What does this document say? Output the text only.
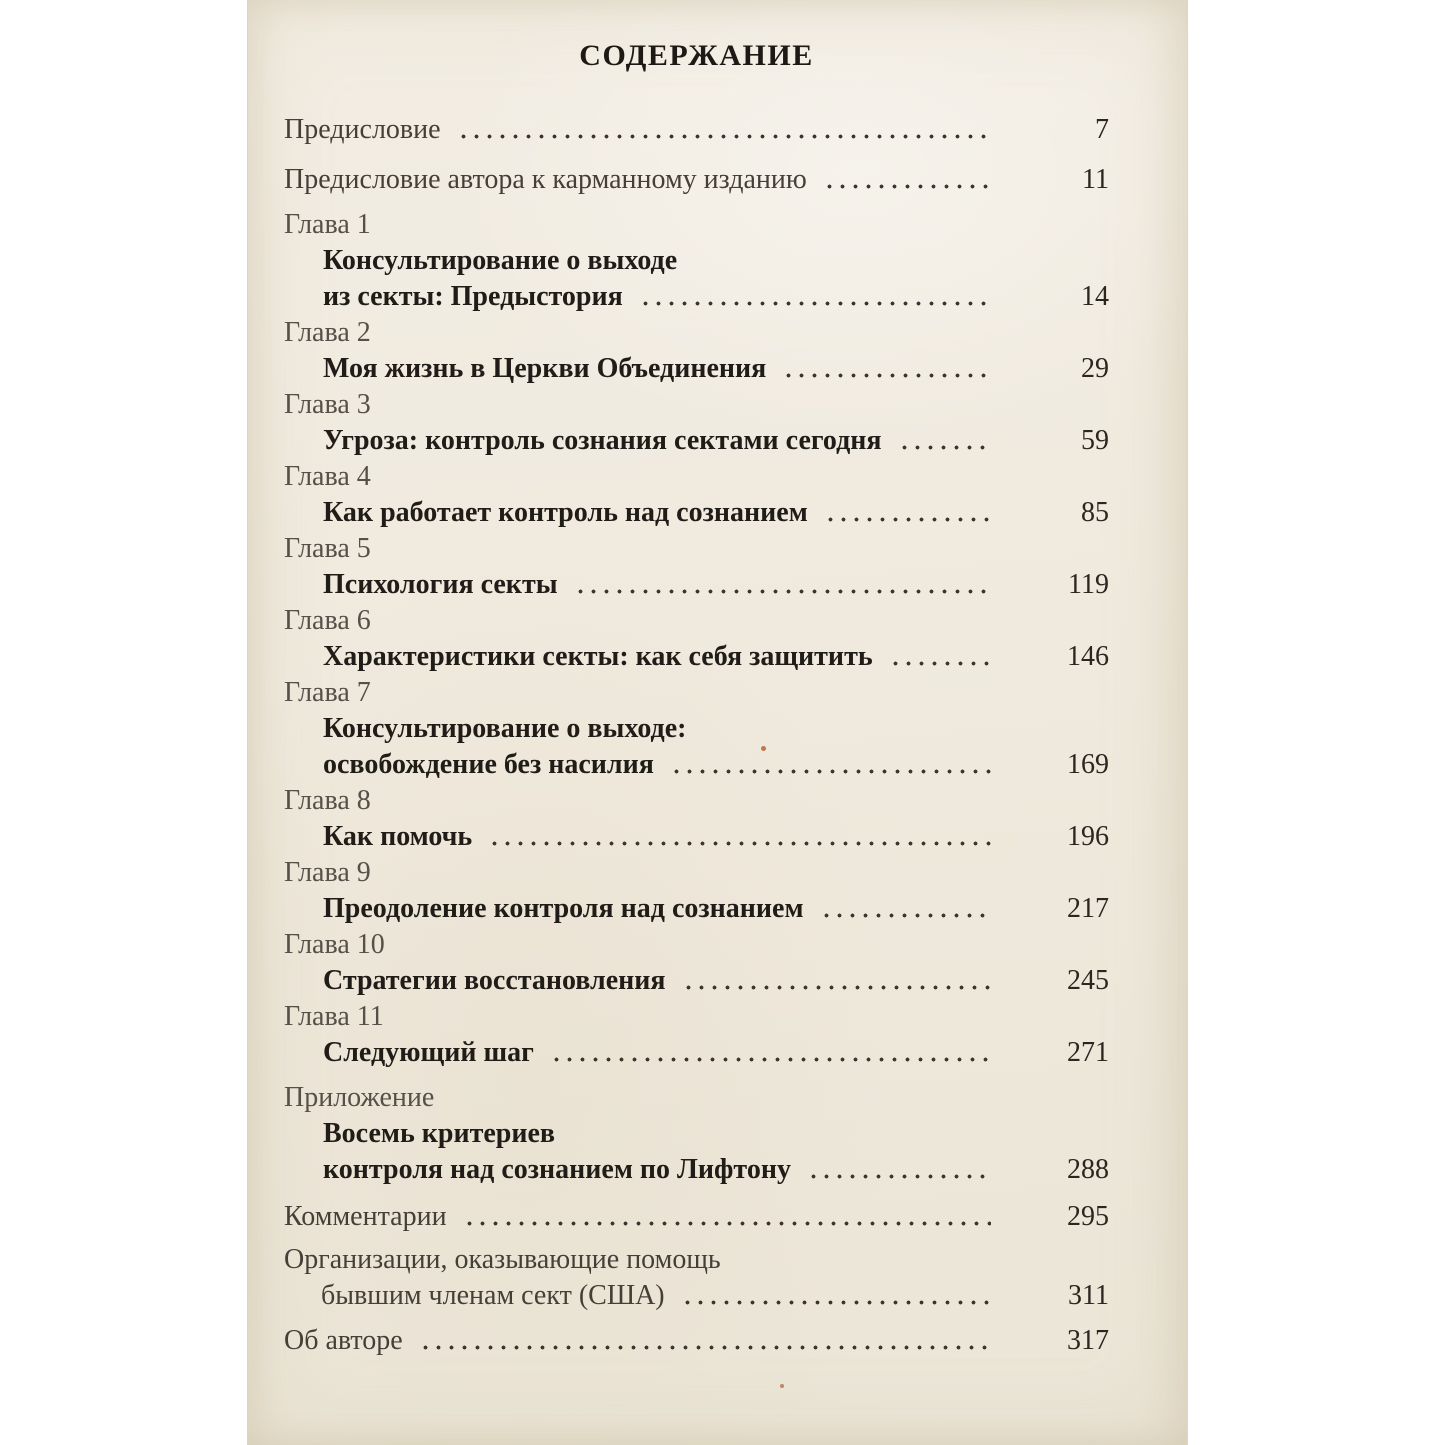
СОДЕРЖАНИЕ
Предисловие	7
Предисловие автора к карманному изданию	11
Глава 1
Консультирование о выходе
из секты: Предыстория	14
Глава 2
Моя жизнь в Церкви Объединения	29
Глава 3
Угроза: контроль сознания сектами сегодня	59
Глава 4
Как работает контроль над сознанием	85
Глава 5
Психология секты	119
Глава 6
Характеристики секты: как себя защитить	146
Глава 7
Консультирование о выходе:
освобождение без насилия	169
Глава 8
Как помочь	196
Глава 9
Преодоление контроля над сознанием	217
Глава 10
Стратегии восстановления	245
Глава 11
Следующий шаг	271
Приложение
Восемь критериев
контроля над сознанием по Лифтону	288
Комментарии	295
Организации, оказывающие помощь
бывшим членам сект (США)	311
Об авторе	317
